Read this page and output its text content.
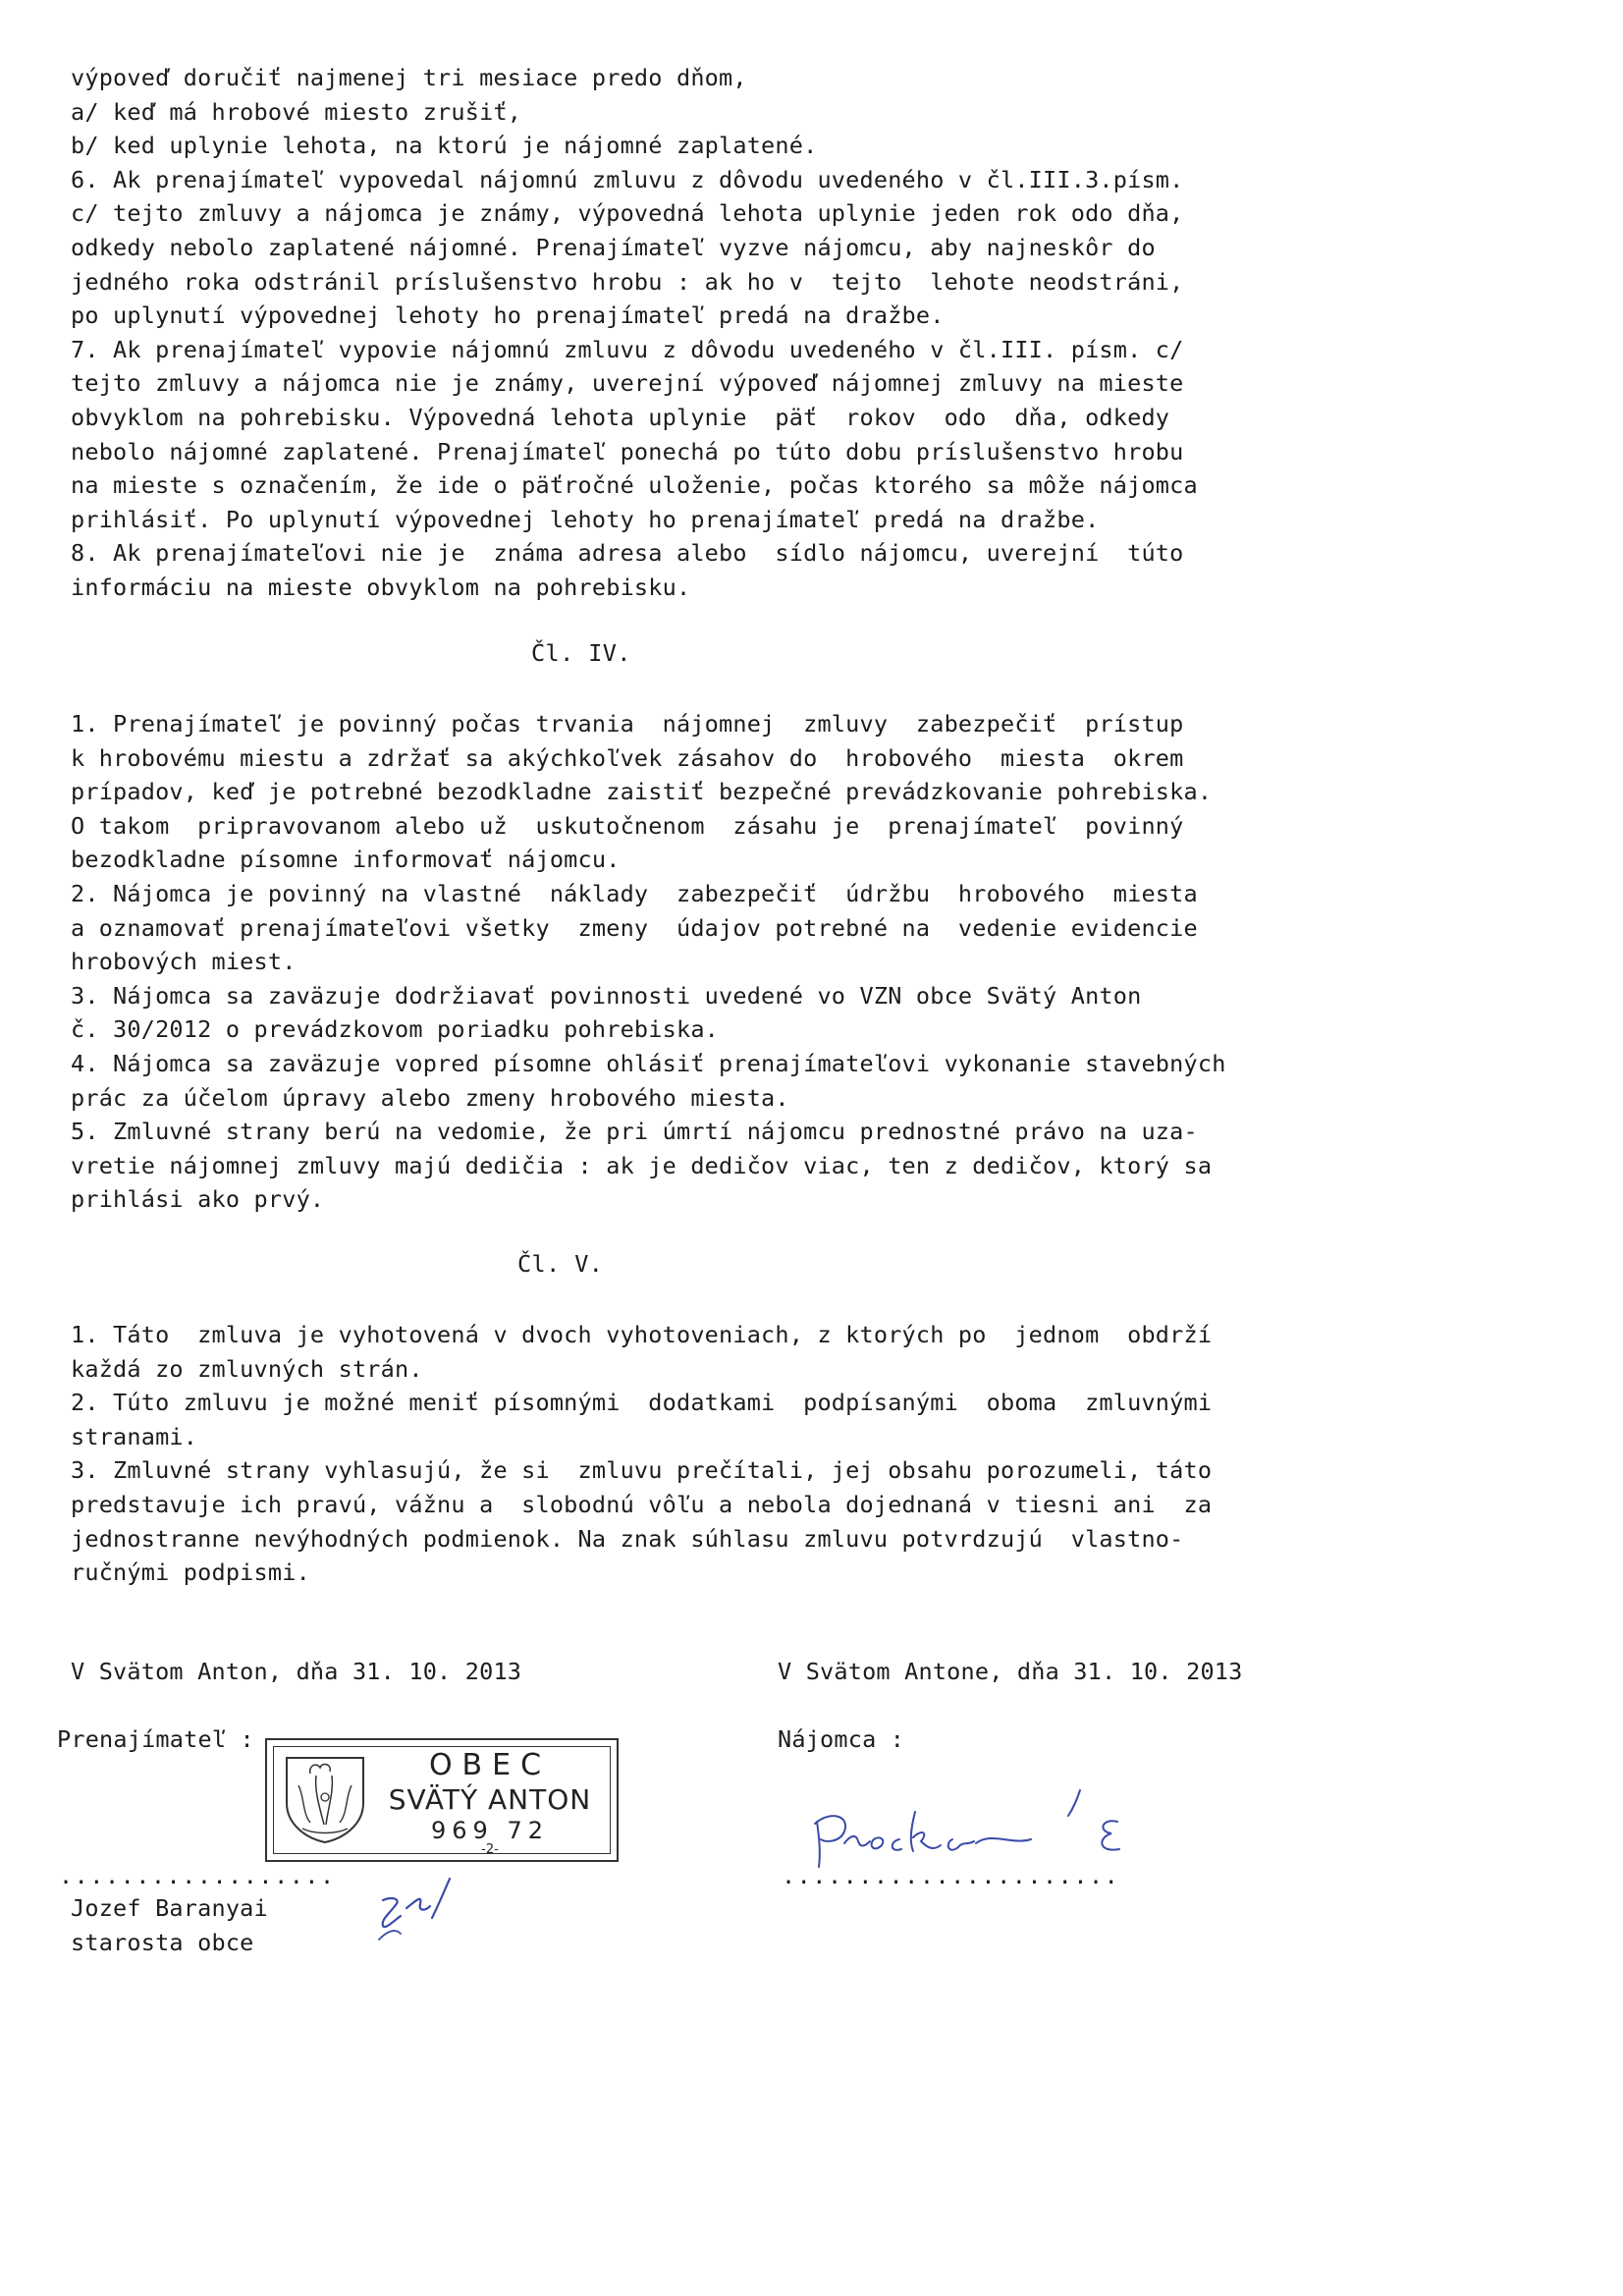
výpoveď doručiť najmenej tri mesiace predo dňom,
a/ keď má hrobové miesto zrušiť,
b/ ked uplynie lehota, na ktorú je nájomné zaplatené.
6. Ak prenajímateľ vypovedal nájomnú zmluvu z dôvodu uvedeného v čl.III.3.písm.
c/ tejto zmluvy a nájomca je známy, výpovedná lehota uplynie jeden rok odo dňa,
odkedy nebolo zaplatené nájomné. Prenajímateľ vyzve nájomcu, aby najneskôr do
jedného roka odstránil príslušenstvo hrobu : ak ho v  tejto  lehote neodstráni,
po uplynutí výpovednej lehoty ho prenajímateľ predá na dražbe.
7. Ak prenajímateľ vypovie nájomnú zmluvu z dôvodu uvedeného v čl.III. písm. c/
tejto zmluvy a nájomca nie je známy, uverejní výpoveď nájomnej zmluvy na mieste
obvyklom na pohrebisku. Výpovedná lehota uplynie  päť  rokov  odo  dňa, odkedy
nebolo nájomné zaplatené. Prenajímateľ ponechá po túto dobu príslušenstvo hrobu
na mieste s označením, že ide o päťročné uloženie, počas ktorého sa môže nájomca
prihlásiť. Po uplynutí výpovednej lehoty ho prenajímateľ predá na dražbe.
8. Ak prenajímateľovi nie je  známa adresa alebo  sídlo nájomcu, uverejní  túto
informáciu na mieste obvyklom na pohrebisku.
Čl. IV.
1. Prenajímateľ je povinný počas trvania  nájomnej  zmluvy  zabezpečiť  prístup
k hrobovému miestu a zdržať sa akýchkoľvek zásahov do  hrobového  miesta  okrem
prípadov, keď je potrebné bezodkladne zaistiť bezpečné prevádzkovanie pohrebiska.
O takom  pripravovanom alebo už  uskutočnenom  zásahu je  prenajímateľ  povinný
bezodkladne písomne informovať nájomcu.
2. Nájomca je povinný na vlastné  náklady  zabezpečiť  údržbu  hrobového  miesta
a oznamovať prenajímateľovi všetky  zmeny  údajov potrebné na  vedenie evidencie
hrobových miest.
3. Nájomca sa zaväzuje dodržiavať povinnosti uvedené vo VZN obce Svätý Anton
č. 30/2012 o prevádzkovom poriadku pohrebiska.
4. Nájomca sa zaväzuje vopred písomne ohlásiť prenajímateľovi vykonanie stavebných
prác za účelom úpravy alebo zmeny hrobového miesta.
5. Zmluvné strany berú na vedomie, že pri úmrtí nájomcu prednostné právo na uza-
vretie nájomnej zmluvy majú dedičia : ak je dedičov viac, ten z dedičov, ktorý sa
prihlási ako prvý.
Čl. V.
1. Táto  zmluva je vyhotovená v dvoch vyhotoveniach, z ktorých po  jednom  obdrží
každá zo zmluvných strán.
2. Túto zmluvu je možné meniť písomnými  dodatkami  podpísanými  oboma  zmluvnými
stranami.
3. Zmluvné strany vyhlasujú, že si  zmluvu prečítali, jej obsahu porozumeli, táto
predstavuje ich pravú, vážnu a  slobodnú vôľu a nebola dojednaná v tiesni ani  za
jednostranne nevýhodných podmienok. Na znak súhlasu zmluvu potvrdzujú  vlastno-
ručnými podpismi.
V Svätom Anton, dňa 31. 10. 2013	V Svätom Antone, dňa 31. 10. 2013
Prenajímateľ :	Nájomca :
OBEC
SVÄTÝ ANTON
969 72
-2-
..................	......................
Jozef Baranyai
starosta obce
